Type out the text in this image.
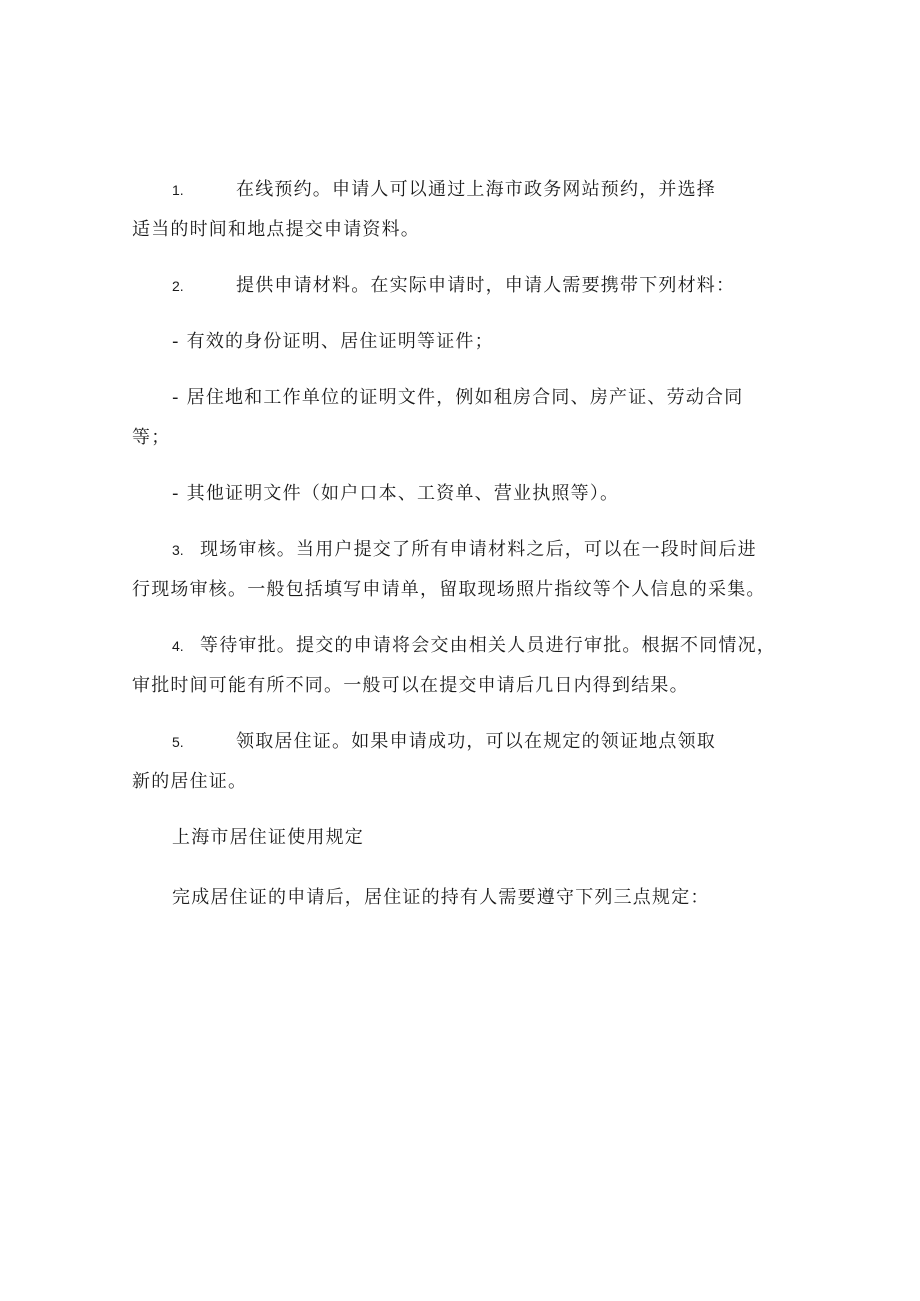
1.	在线预约。申请人可以通过上海市政务网站预约，并选择
适当的时间和地点提交申请资料。
2.	提供申请材料。在实际申请时，申请人需要携带下列材料：
- 有效的身份证明、居住证明等证件；
- 居住地和工作单位的证明文件，例如租房合同、房产证、劳动合同
等；
- 其他证明文件（如户口本、工资单、营业执照等）。
3. 现场审核。当用户提交了所有申请材料之后，可以在一段时间后进
行现场审核。一般包括填写申请单，留取现场照片指纹等个人信息的采集。
4. 等待审批。提交的申请将会交由相关人员进行审批。根据不同情况，
审批时间可能有所不同。一般可以在提交申请后几日内得到结果。
5.	领取居住证。如果申请成功，可以在规定的领证地点领取
新的居住证。
上海市居住证使用规定
完成居住证的申请后，居住证的持有人需要遵守下列三点规定：
